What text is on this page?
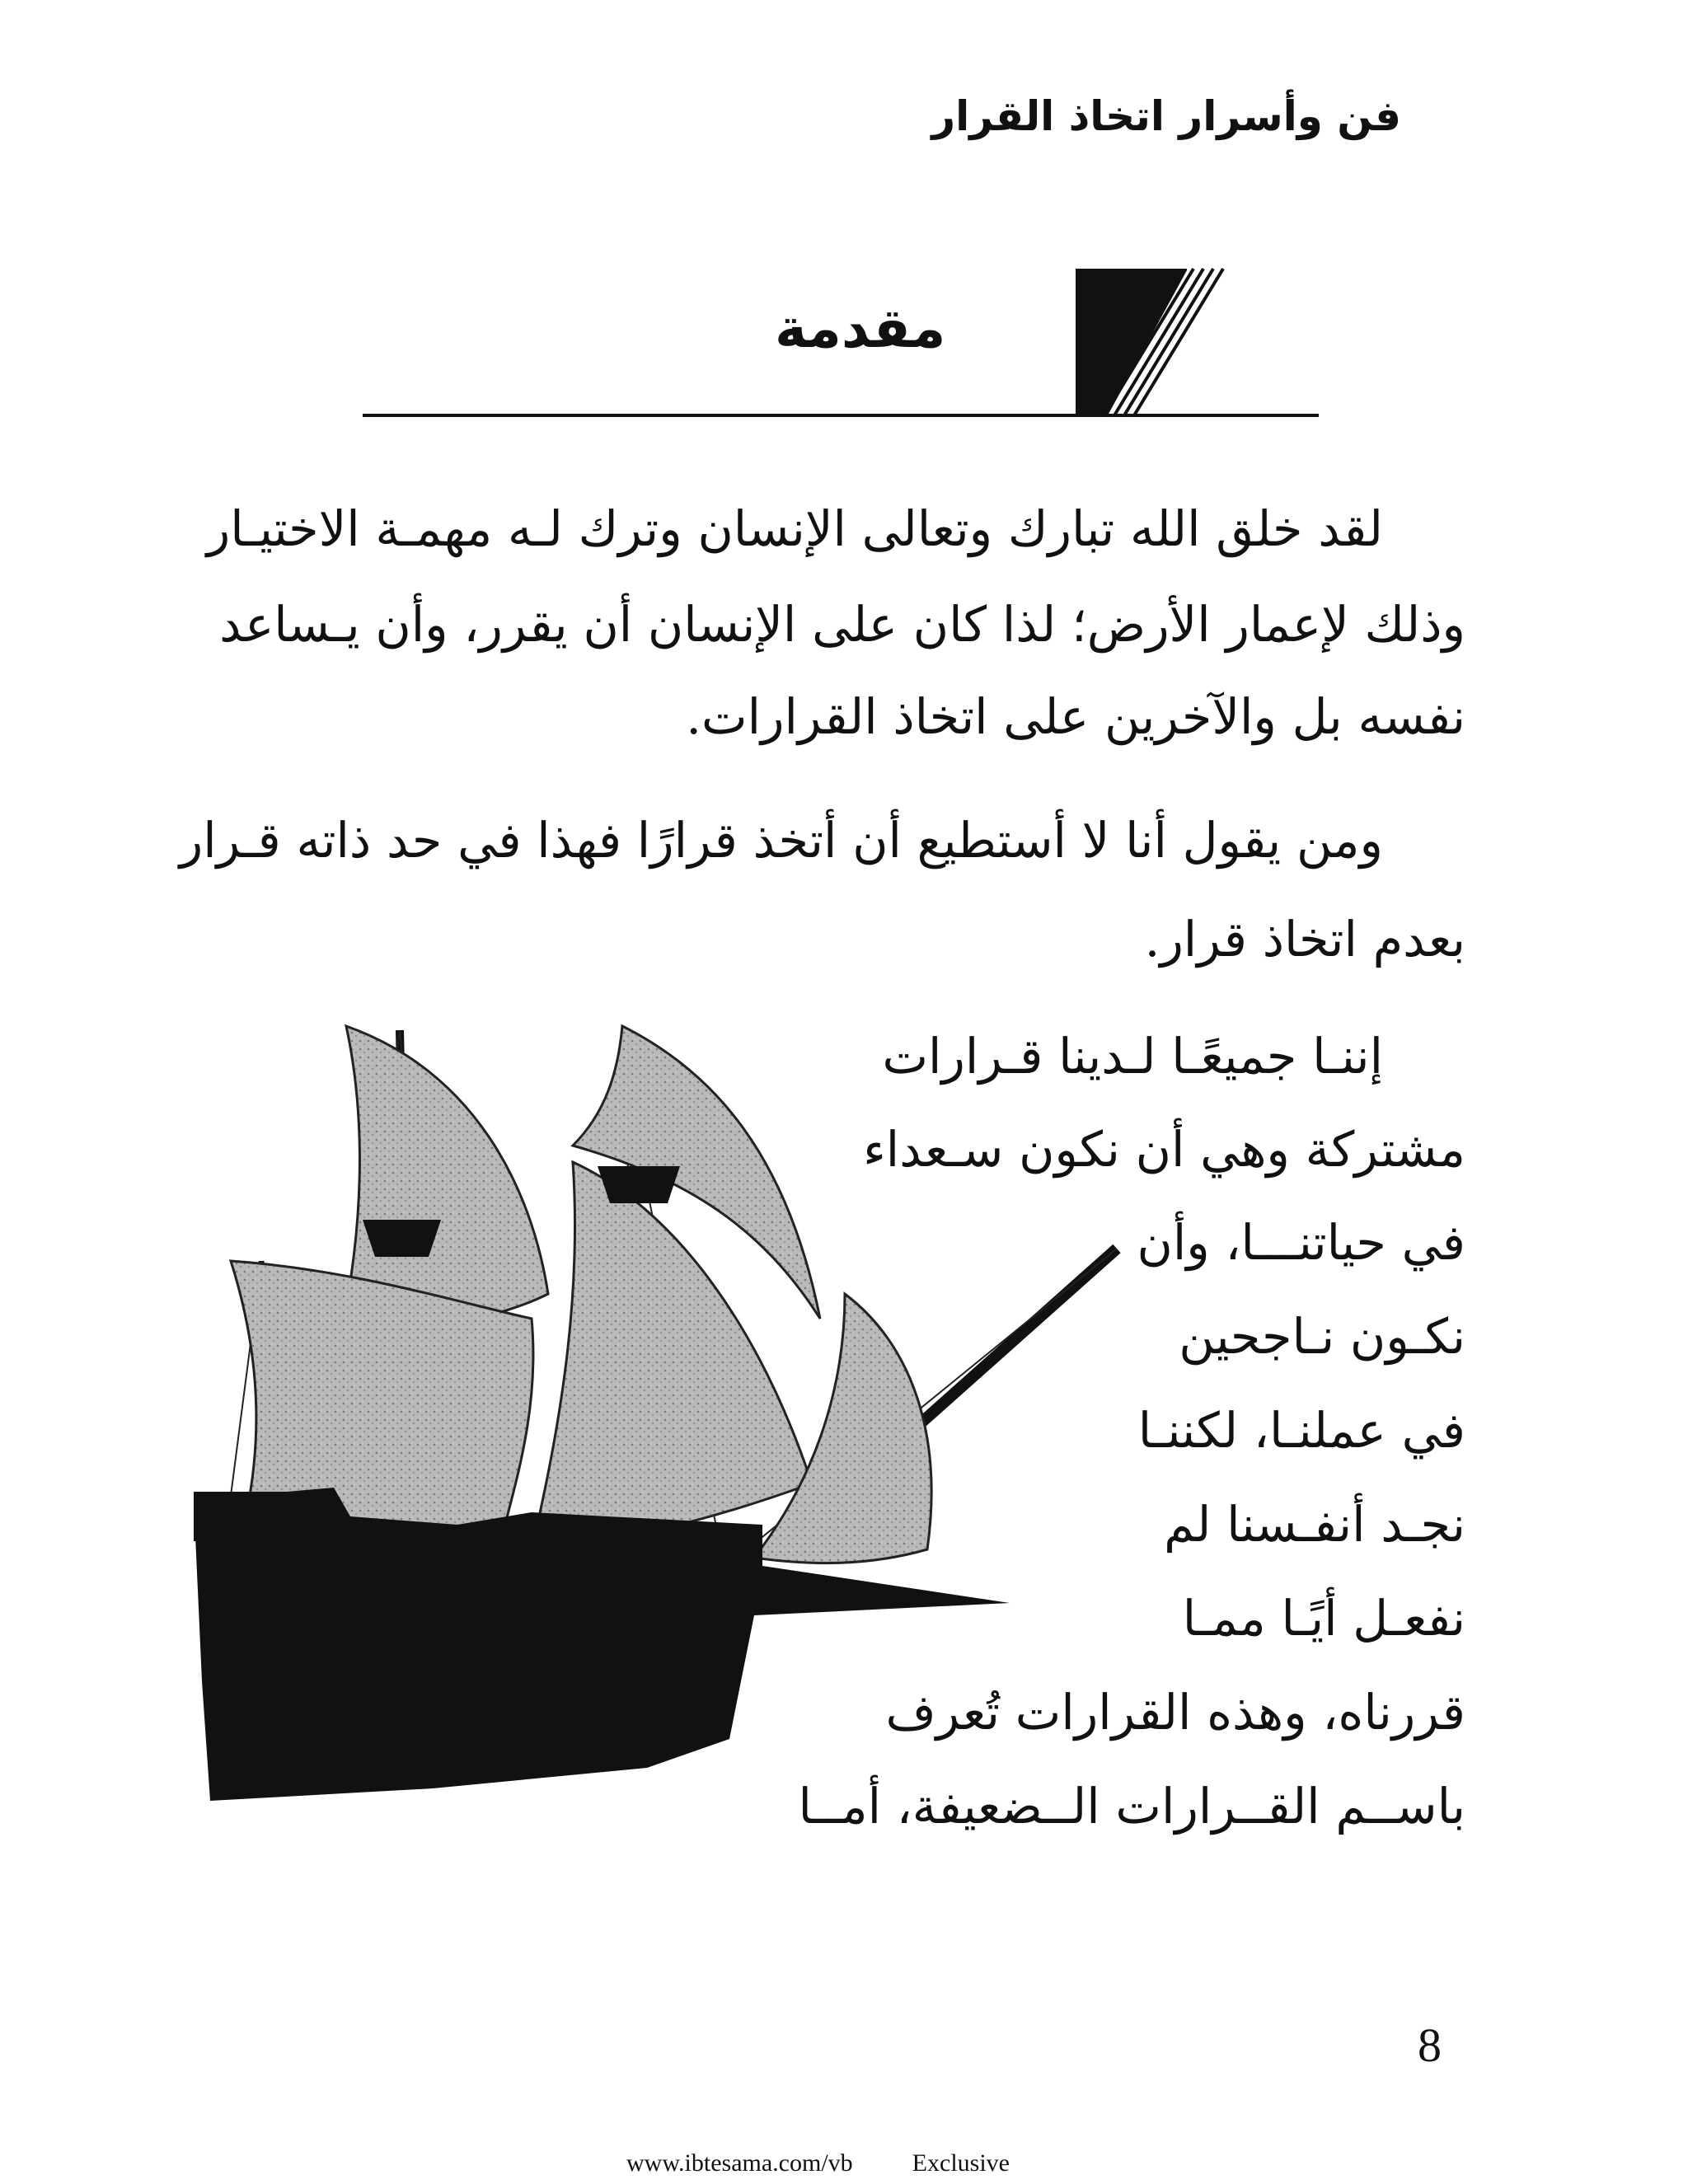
فن وأسرار اتخاذ القرار
مقدمة
لقد خلق الله تبارك وتعالى الإنسان وترك لـه مهمـة الاختيـار
وذلك لإعمار الأرض؛ لذا كان على الإنسان أن يقرر، وأن يـساعد
نفسه بل والآخرين على اتخاذ القرارات.
ومن يقول أنا لا أستطيع أن أتخذ قرارًا فهذا في حد ذاته قـرار
بعدم اتخاذ قرار.
إننـا جميعًـا لـدينا قـرارات
مشتركة وهي أن نكون سـعداء
في حياتنـــا، وأن
نكـون نـاجحين
في عملنـا، لكننـا
نجـد أنفـسنا لم
نفعـل أيًـا ممـا
قررناه، وهذه القرارات تُعرف
باســم القــرارات الــضعيفة، أمــا
8
www.ibtesama.com/vb Exclusive
